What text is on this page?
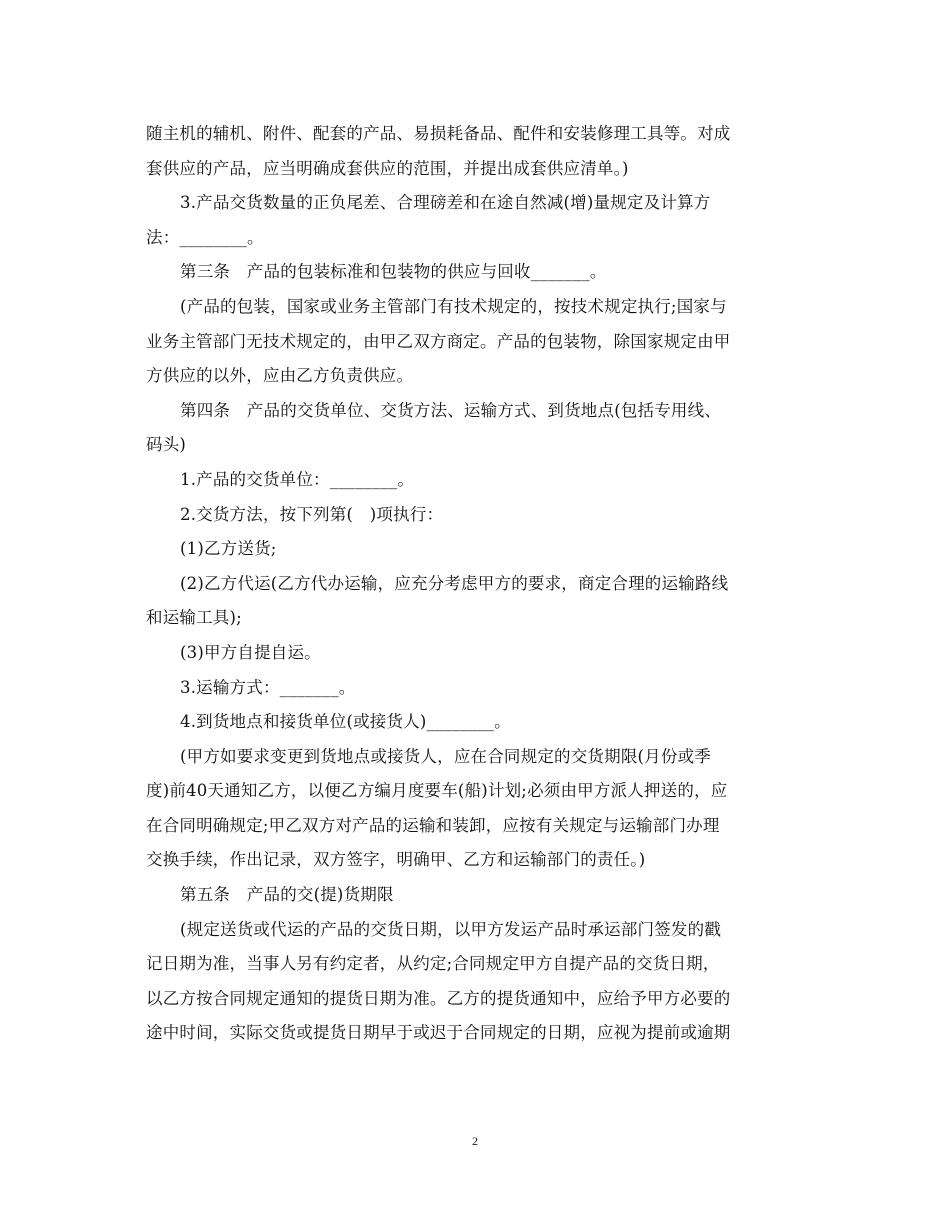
随主机的辅机、附件、配套的产品、易损耗备品、配件和安装修理工具等。对成
套供应的产品，应当明确成套供应的范围，并提出成套供应清单。)
3.产品交货数量的正负尾差、合理磅差和在途自然减(增)量规定及计算方
法：________。
第三条　产品的包装标准和包装物的供应与回收_______。
(产品的包装，国家或业务主管部门有技术规定的，按技术规定执行;国家与
业务主管部门无技术规定的，由甲乙双方商定。产品的包装物，除国家规定由甲
方供应的以外，应由乙方负责供应。
第四条　产品的交货单位、交货方法、运输方式、到货地点(包括专用线、
码头)
1.产品的交货单位：________。
2.交货方法，按下列第(　)项执行：
(1)乙方送货;
(2)乙方代运(乙方代办运输，应充分考虑甲方的要求，商定合理的运输路线
和运输工具);
(3)甲方自提自运。
3.运输方式：_______。
4.到货地点和接货单位(或接货人)________。
(甲方如要求变更到货地点或接货人，应在合同规定的交货期限(月份或季
度)前40天通知乙方，以便乙方编月度要车(船)计划;必须由甲方派人押送的，应
在合同明确规定;甲乙双方对产品的运输和装卸，应按有关规定与运输部门办理
交换手续，作出记录，双方签字，明确甲、乙方和运输部门的责任。)
第五条　产品的交(提)货期限
(规定送货或代运的产品的交货日期，以甲方发运产品时承运部门签发的戳
记日期为准，当事人另有约定者，从约定;合同规定甲方自提产品的交货日期，
以乙方按合同规定通知的提货日期为准。乙方的提货通知中，应给予甲方必要的
途中时间，实际交货或提货日期早于或迟于合同规定的日期，应视为提前或逾期
2
